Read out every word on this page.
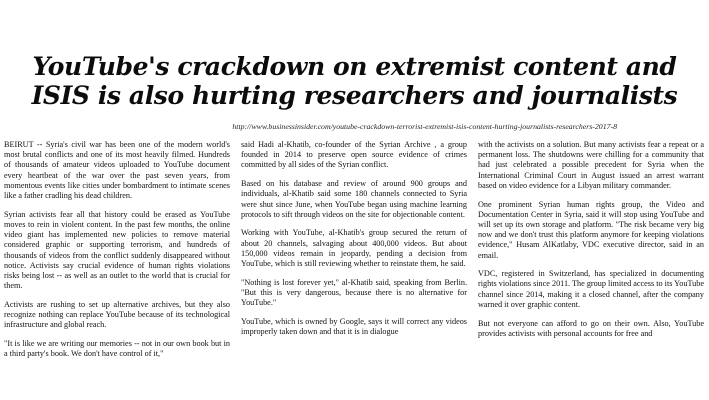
YouTube's crackdown on extremist content and ISIS is also hurting researchers and journalists
http://www.businessinsider.com/youtube-crackdown-terrorist-extremist-isis-content-hurting-journalists-researchers-2017-8

BEIRUT -- Syria's civil war has been one of the modern world's most brutal conflicts and one of its most heavily filmed. Hundreds of thousands of amateur videos uploaded to YouTube document every heartbeat of the war over the past seven years, from momentous events like cities under bombardment to intimate scenes like a father cradling his dead children.

Syrian activists fear all that history could be erased as YouTube moves to rein in violent content. In the past few months, the online video giant has implemented new policies to remove material considered graphic or supporting terrorism, and hundreds of thousands of videos from the conflict suddenly disappeared without notice. Activists say crucial evidence of human rights violations risks being lost -- as well as an outlet to the world that is crucial for them.

Activists are rushing to set up alternative archives, but they also recognize nothing can replace YouTube because of its technological infrastructure and global reach.

"It is like we are writing our memories -- not in our own book but in a third party's book. We don't have control of it,"

said Hadi al-Khatib, co-founder of the Syrian Archive , a group founded in 2014 to preserve open source evidence of crimes committed by all sides of the Syrian conflict.

Based on his database and review of around 900 groups and individuals, al-Khatib said some 180 channels connected to Syria were shut since June, when YouTube began using machine learning protocols to sift through videos on the site for objectionable content.

Working with YouTube, al-Khatib's group secured the return of about 20 channels, salvaging about 400,000 videos. But about 150,000 videos remain in jeopardy, pending a decision from YouTube, which is still reviewing whether to reinstate them, he said.

"Nothing is lost forever yet," al-Khatib said, speaking from Berlin. "But this is very dangerous, because there is no alternative for YouTube."

YouTube, which is owned by Google, says it will correct any videos improperly taken down and that it is in dialogue

with the activists on a solution. But many activists fear a repeat or a permanent loss. The shutdowns were chilling for a community that had just celebrated a possible precedent for Syria when the International Criminal Court in August issued an arrest warrant based on video evidence for a Libyan military commander.

One prominent Syrian human rights group, the Video and Documentation Center in Syria, said it will stop using YouTube and will set up its own storage and platform. "The risk became very big now and we don't trust this platform anymore for keeping violations evidence," Husam AlKatlaby, VDC executive director, said in an email.

VDC, registered in Switzerland, has specialized in documenting rights violations since 2011. The group limited access to its YouTube channel since 2014, making it a closed channel, after the company warned it over graphic content.

But not everyone can afford to go on their own. Also, YouTube provides activists with personal accounts for free and
